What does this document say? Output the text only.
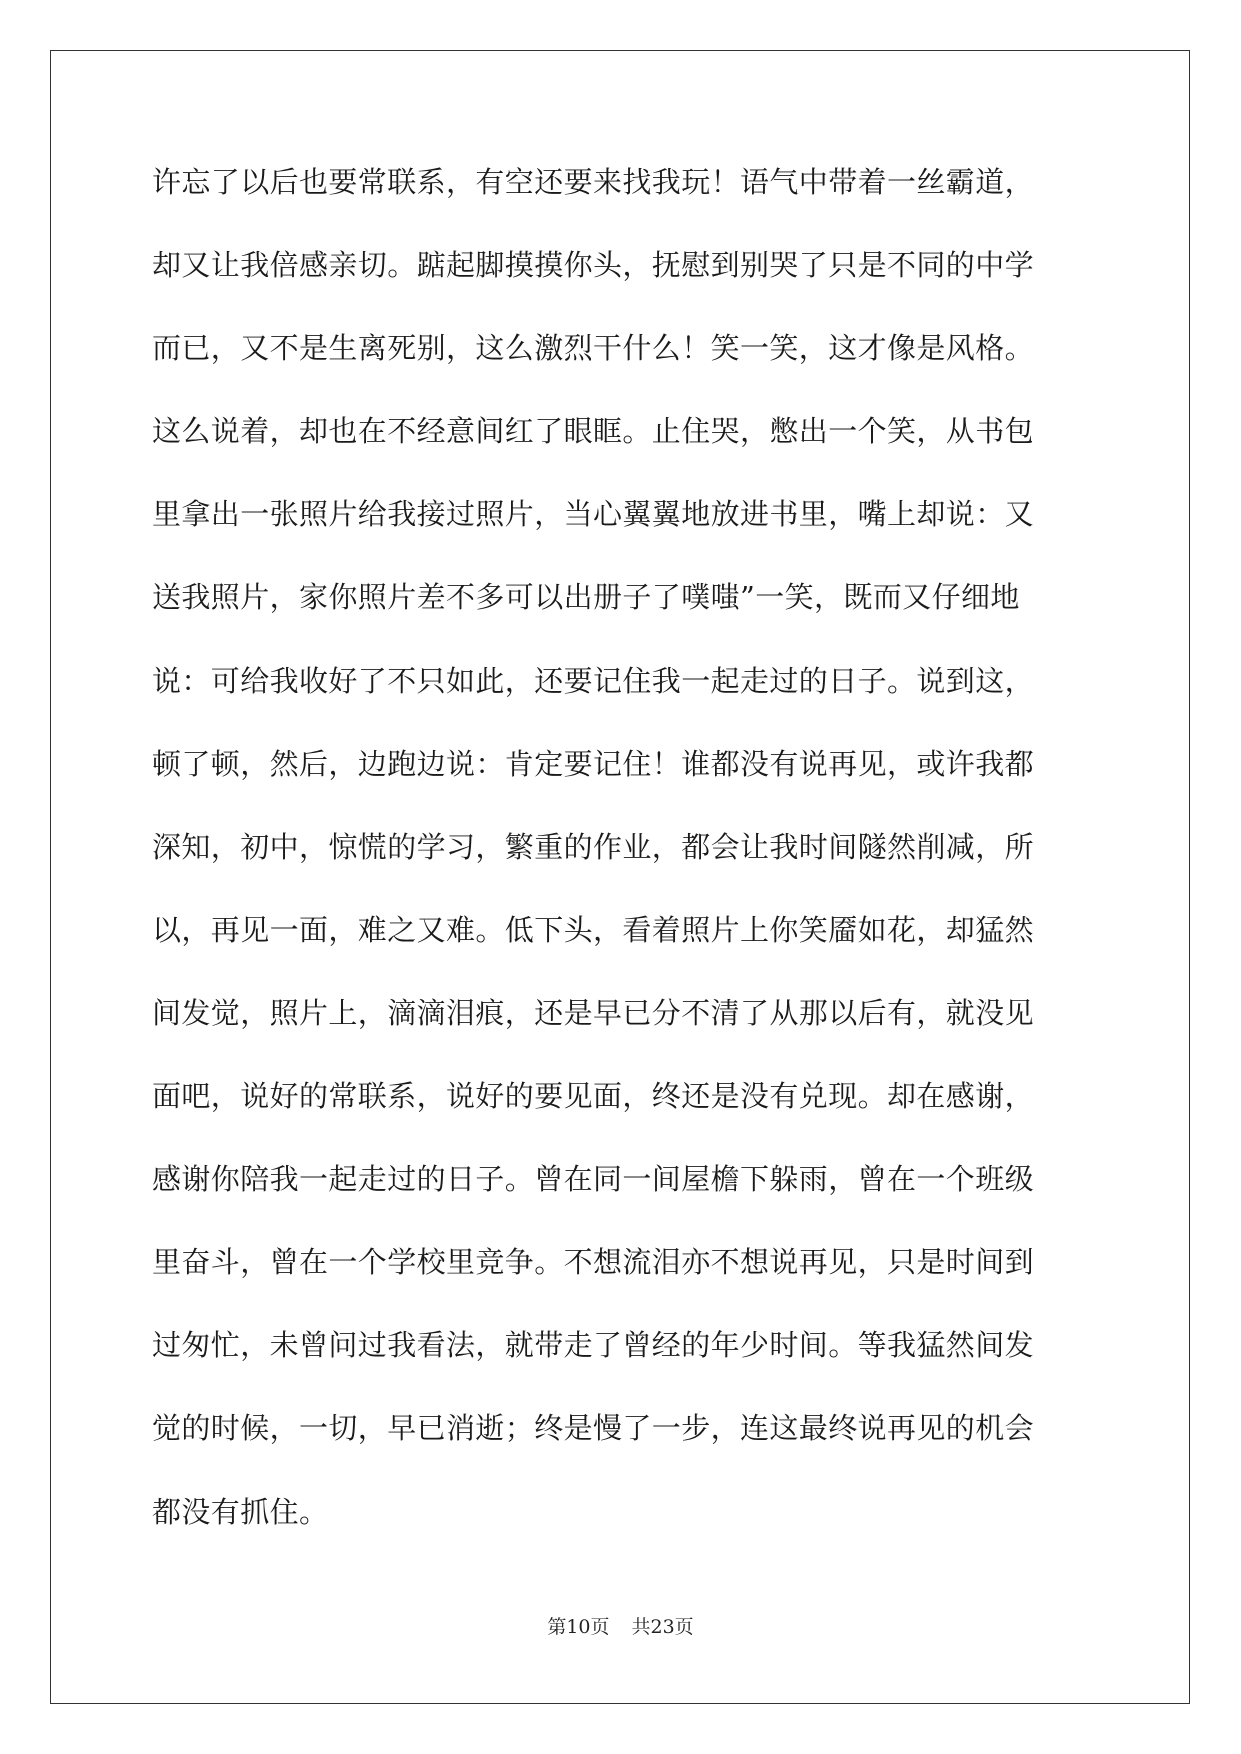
许忘了以后也要常联系，有空还要来找我玩！语气中带着一丝霸道，
却又让我倍感亲切。踮起脚摸摸你头，抚慰到别哭了只是不同的中学
而已，又不是生离死别，这么激烈干什么！笑一笑，这才像是风格。
这么说着，却也在不经意间红了眼眶。止住哭，憋出一个笑，从书包
里拿出一张照片给我接过照片，当心翼翼地放进书里，嘴上却说：又
送我照片，家你照片差不多可以出册子了噗嗤”一笑，既而又仔细地
说：可给我收好了不只如此，还要记住我一起走过的日子。说到这，
顿了顿，然后，边跑边说：肯定要记住！谁都没有说再见，或许我都
深知，初中，惊慌的学习，繁重的作业，都会让我时间隧然削减，所
以，再见一面，难之又难。低下头，看着照片上你笑靥如花，却猛然
间发觉，照片上，滴滴泪痕，还是早已分不清了从那以后有，就没见
面吧，说好的常联系，说好的要见面，终还是没有兑现。却在感谢，
感谢你陪我一起走过的日子。曾在同一间屋檐下躲雨，曾在一个班级
里奋斗，曾在一个学校里竞争。不想流泪亦不想说再见，只是时间到
过匆忙，未曾问过我看法，就带走了曾经的年少时间。等我猛然间发
觉的时候，一切，早已消逝；终是慢了一步，连这最终说再见的机会
都没有抓住。
第10页 共23页
